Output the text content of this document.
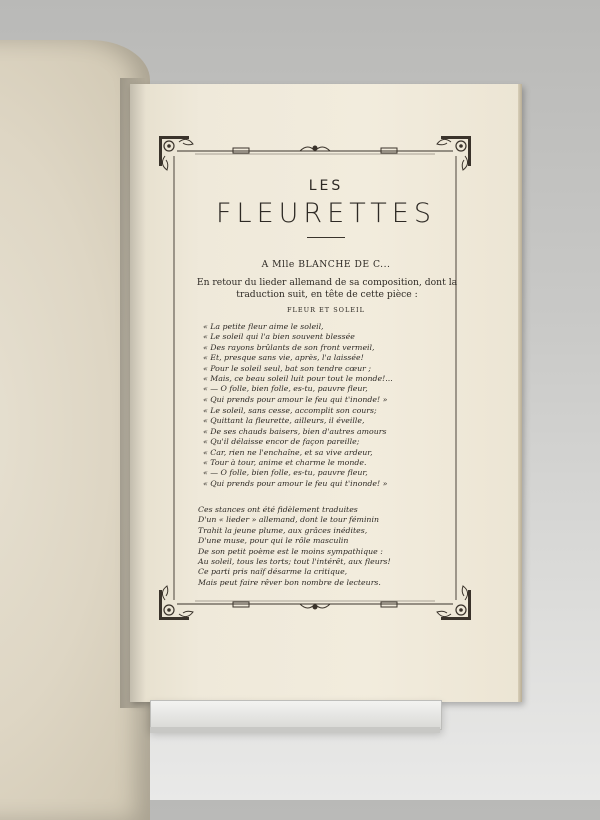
LES
FLEURETTES
A Mlle BLANCHE DE C...
En retour du lieder allemand de sa composition, dont la
traduction suit, en tête de cette pièce :
FLEUR ET SOLEIL
« La petite fleur aime le soleil,
« Le soleil qui l'a bien souvent blessée
« Des rayons brûlants de son front vermeil,
« Et, presque sans vie, après, l'a laissée!
« Pour le soleil seul, bat son tendre cœur ;
« Mais, ce beau soleil luit pour tout le monde!...
« — O folle, bien folle, es-tu, pauvre fleur,
« Qui prends pour amour le feu qui t'inonde! »
« Le soleil, sans cesse, accomplit son cours;
« Quittant la fleurette, ailleurs, il éveille,
« De ses chauds baisers, bien d'autres amours
« Qu'il délaisse encor de façon pareille;
« Car, rien ne l'enchaîne, et sa vive ardeur,
« Tour à tour, anime et charme le monde.
« — O folle, bien folle, es-tu, pauvre fleur,
« Qui prends pour amour le feu qui t'inonde! »
Ces stances ont été fidèlement traduites
D'un « lieder » allemand, dont le tour féminin
Trahit la jeune plume, aux grâces inédites,
D'une muse, pour qui le rôle masculin
De son petit poème est le moins sympathique :
Au soleil, tous les torts; tout l'intérêt, aux fleurs!
Ce parti pris naïf désarme la critique,
Mais peut faire rêver bon nombre de lecteurs.
